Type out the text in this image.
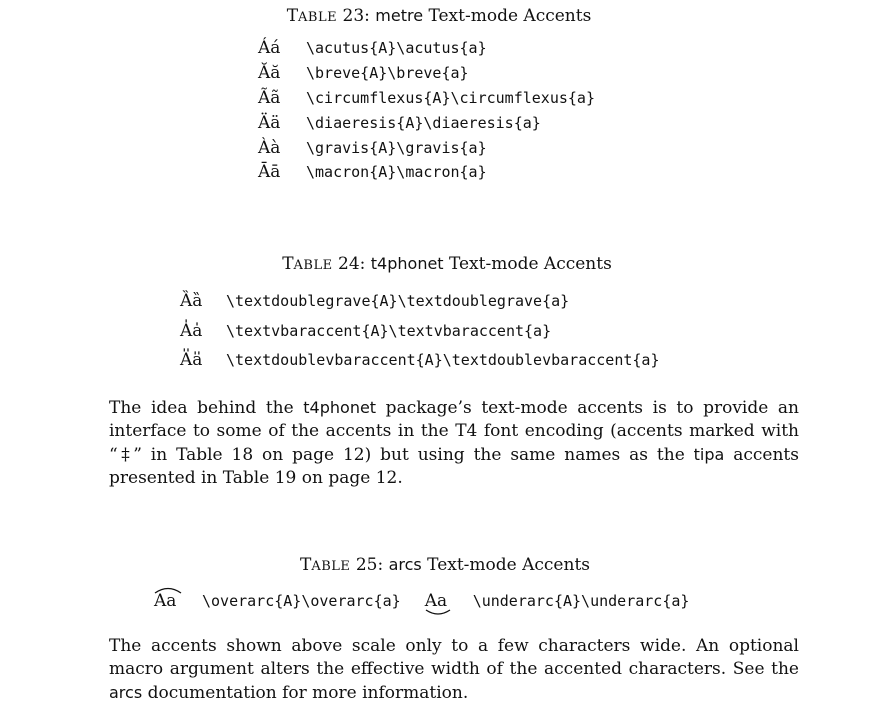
TABLE 23: metre Text-mode Accents
Áá \acutus{A}\acutus{a}
Ăă \breve{A}\breve{a}
Ãã \circumflexus{A}\circumflexus{a}
Ää \diaeresis{A}\diaeresis{a}
Àà \gravis{A}\gravis{a}
Āā \macron{A}\macron{a}
TABLE 24: t4phonet Text-mode Accents
Ȁȁ \textdoublegrave{A}\textdoublegrave{a}
A̍a̍ \textvbaraccent{A}\textvbaraccent{a}
A̎a̎ \textdoublevbaraccent{A}\textdoublevbaraccent{a}

The idea behind the t4phonet package’s text-mode accents is to provide an interface to some of the accents in the T4 font encoding (accents marked with “‡” in Table 18 on page 12) but using the same names as the tipa accents presented in Table 19 on page 12.

TABLE 25: arcs Text-mode Accents
Aa \overarc{A}\overarc{a} Aa \underarc{A}\underarc{a}

The accents shown above scale only to a few characters wide. An optional macro argument alters the effective width of the accented characters. See the arcs documentation for more information.
